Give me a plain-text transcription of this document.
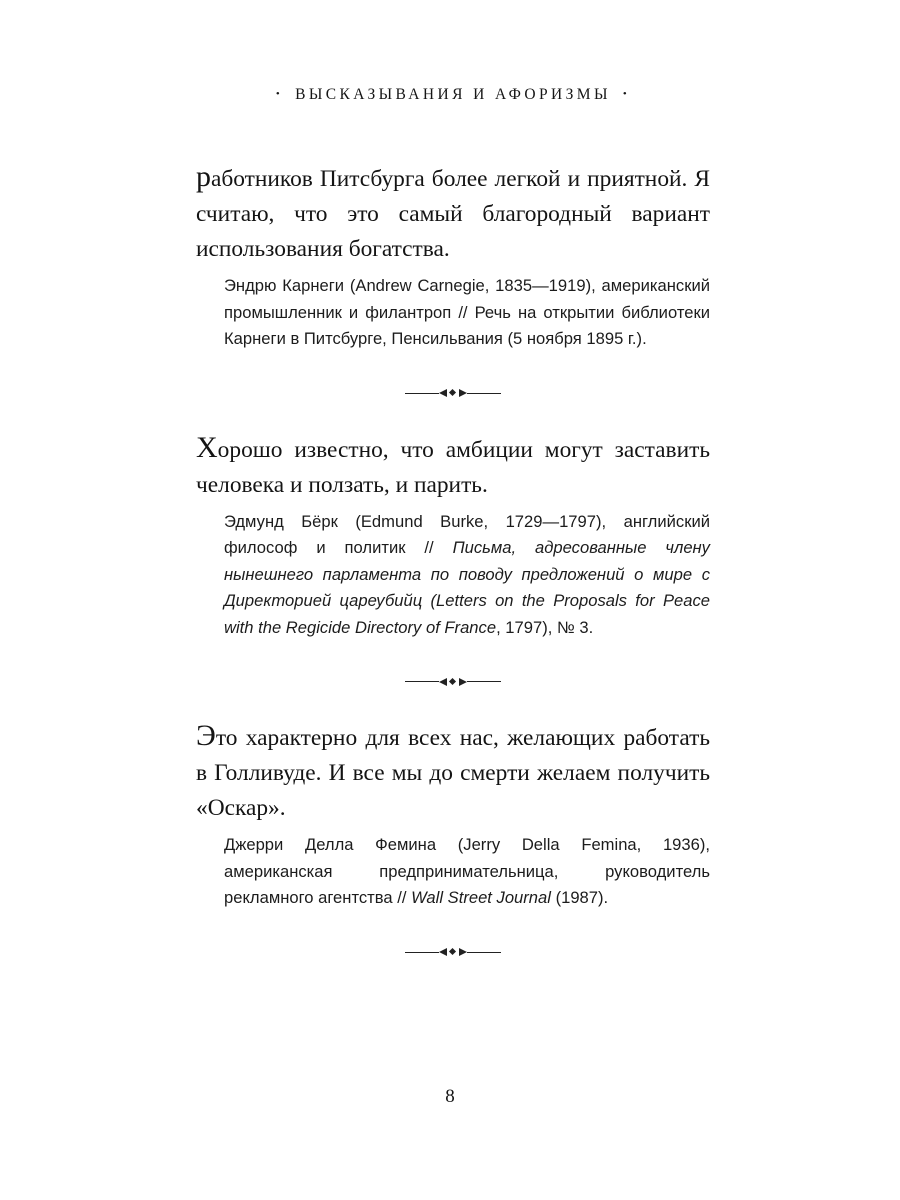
• ВЫСКАЗЫВАНИЯ И АФОРИЗМЫ •

работников Питсбурга более легкой и приятной. Я считаю, что это самый благородный вариант использования богатства.

Эндрю Карнеги (Andrew Carnegie, 1835—1919), американский промышленник и филантроп // Речь на открытии библиотеки Карнеги в Питсбурге, Пенсильвания (5 ноября 1895 г.).

Хорошо известно, что амбиции могут заставить человека и ползать, и парить.

Эдмунд Бёрк (Edmund Burke, 1729—1797), английский философ и политик // Письма, адресованные члену нынешнего парламента по поводу предложений о мире с Директорией цареубийц (Letters on the Proposals for Peace with the Regicide Directory of France, 1797), № 3.

Это характерно для всех нас, желающих работать в Голливуде. И все мы до смерти желаем получить «Оскар».

Джерри Делла Фемина (Jerry Della Femina, 1936), американская предпринимательница, руководитель рекламного агентства // Wall Street Journal (1987).

8
